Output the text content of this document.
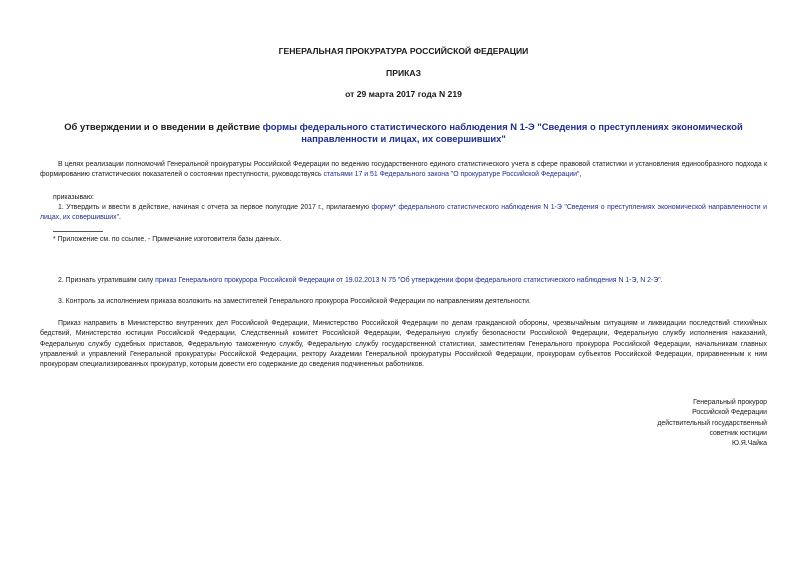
ГЕНЕРАЛЬНАЯ ПРОКУРАТУРА РОССИЙСКОЙ ФЕДЕРАЦИИ
ПРИКАЗ
от 29 марта 2017 года N 219
Об утверждении и о введении в действие формы федерального статистического наблюдения N 1-Э "Сведения о преступлениях экономической направленности и лицах, их совершивших"
В целях реализации полномочий Генеральной прокуратуры Российской Федерации по ведению государственного единого статистического учета в сфере правовой статистики и установления единообразного подхода к формированию статистических показателей о состоянии преступности, руководствуясь статьями 17 и 51 Федерального закона "О прокуратуре Российской Федерации",
приказываю:
1. Утвердить и ввести в действие, начиная с отчета за первое полугодие 2017 г., прилагаемую форму* федерального статистического наблюдения N 1-Э "Сведения о преступлениях экономической направленности и лицах, их совершивших".
* Приложение см. по ссылке. - Примечание изготовителя базы данных.
2. Признать утратившим силу приказ Генерального прокурора Российской Федерации от 19.02.2013 N 75 "Об утверждении форм федерального статистического наблюдения N 1-Э, N 2-Э".
3. Контроль за исполнением приказа возложить на заместителей Генерального прокурора Российской Федерации по направлениям деятельности.
Приказ направить в Министерство внутренних дел Российской Федерации, Министерство Российской Федерации по делам гражданской обороны, чрезвычайным ситуациям и ликвидации последствий стихийных бедствий, Министерство юстиции Российской Федерации, Следственный комитет Российской Федерации, Федеральную службу безопасности Российской Федерации, Федеральную службу исполнения наказаний, Федеральную службу судебных приставов, Федеральную таможенную службу, Федеральную службу государственной статистики, заместителям Генерального прокурора Российской Федерации, начальникам главных управлений и управлений Генеральной прокуратуры Российской Федерации, ректору Академии Генеральной прокуратуры Российской Федерации, прокурорам субъектов Российской Федерации, приравненным к ним прокурорам специализированных прокуратур, которым довести его содержание до сведения подчиненных работников.
Генеральный прокурор
Российской Федерации
действительный государственный
советник юстиции
Ю.Я.Чайка
